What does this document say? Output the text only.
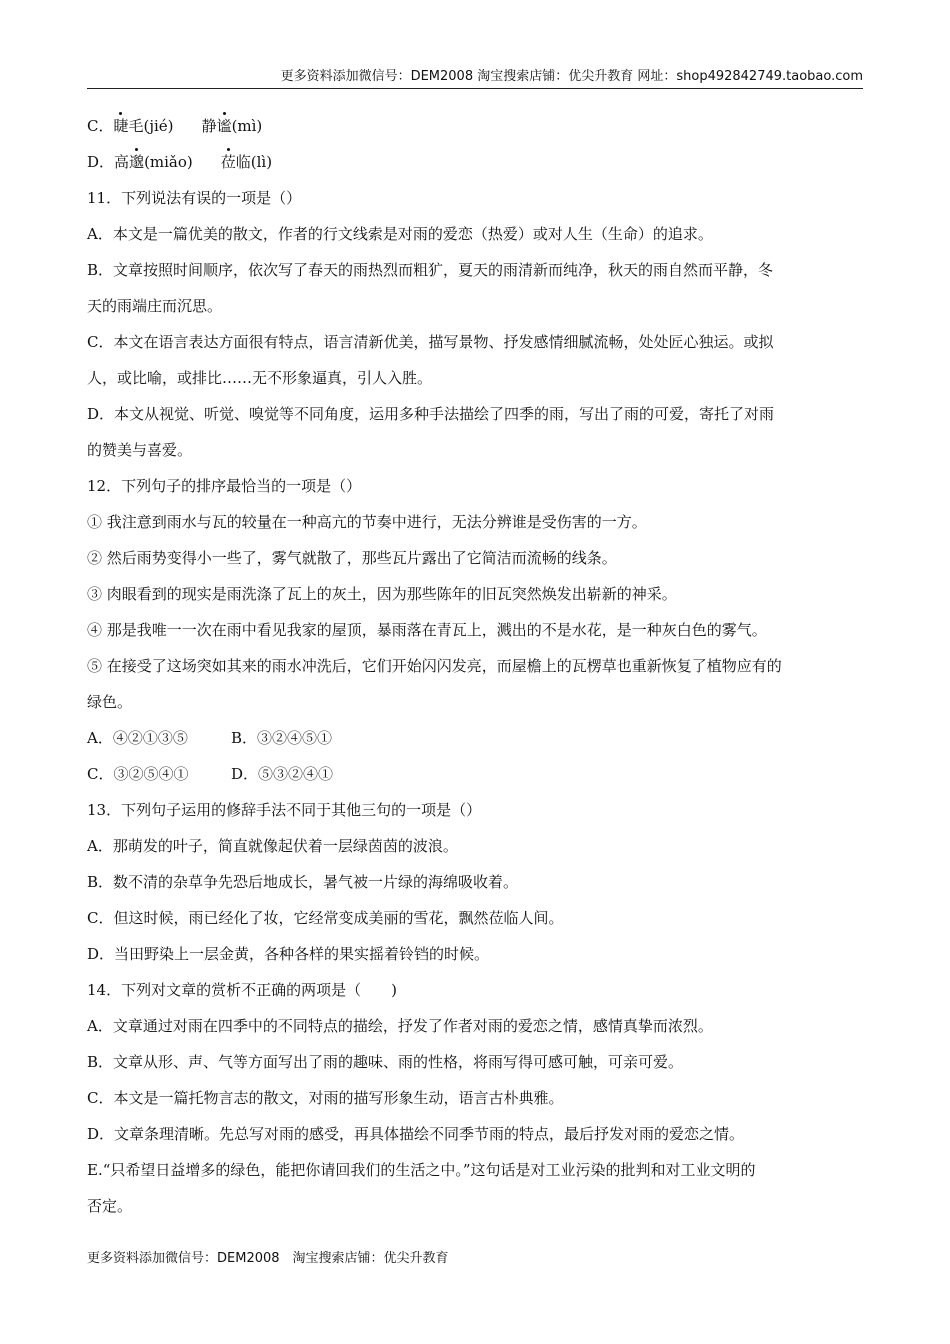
更多资料添加微信号：DEM2008 淘宝搜索店铺：优尖升教育 网址：shop492842749.taobao.com
C．睫毛(jié) 静谧(mì)
D．高邈(miǎo) 莅临(lì)
11．下列说法有误的一项是（）
A．本文是一篇优美的散文，作者的行文线索是对雨的爱恋（热爱）或对人生（生命）的追求。
B．文章按照时间顺序，依次写了春天的雨热烈而粗犷，夏天的雨清新而纯净，秋天的雨自然而平静，冬
天的雨端庄而沉思。
C．本文在语言表达方面很有特点，语言清新优美，描写景物、抒发感情细腻流畅，处处匠心独运。或拟
人，或比喻，或排比……无不形象逼真，引人入胜。
D．本文从视觉、听觉、嗅觉等不同角度，运用多种手法描绘了四季的雨，写出了雨的可爱，寄托了对雨
的赞美与喜爱。
12．下列句子的排序最恰当的一项是（）
① 我注意到雨水与瓦的较量在一种高亢的节奏中进行，无法分辨谁是受伤害的一方。
② 然后雨势变得小一些了，雾气就散了，那些瓦片露出了它简洁而流畅的线条。
③ 肉眼看到的现实是雨洗涤了瓦上的灰土，因为那些陈年的旧瓦突然焕发出崭新的神采。
④ 那是我唯一一次在雨中看见我家的屋顶，暴雨落在青瓦上，溅出的不是水花，是一种灰白色的雾气。
⑤ 在接受了这场突如其来的雨水冲洗后，它们开始闪闪发亮，而屋檐上的瓦楞草也重新恢复了植物应有的
绿色。
A．④②①③⑤	B．③②④⑤①
C．③②⑤④①	D．⑤③②④①
13．下列句子运用的修辞手法不同于其他三句的一项是（）
A．那萌发的叶子，简直就像起伏着一层绿茵茵的波浪。
B．数不清的杂草争先恐后地成长，暑气被一片绿的海绵吸收着。
C．但这时候，雨已经化了妆，它经常变成美丽的雪花，飘然莅临人间。
D．当田野染上一层金黄，各种各样的果实摇着铃铛的时候。
14．下列对文章的赏析不正确的两项是（　　)
A．文章通过对雨在四季中的不同特点的描绘，抒发了作者对雨的爱恋之情，感情真挚而浓烈。
B．文章从形、声、气等方面写出了雨的趣味、雨的性格，将雨写得可感可触，可亲可爱。
C．本文是一篇托物言志的散文，对雨的描写形象生动，语言古朴典雅。
D．文章条理清晰。先总写对雨的感受，再具体描绘不同季节雨的特点，最后抒发对雨的爱恋之情。
E.“只希望日益增多的绿色，能把你请回我们的生活之中。”这句话是对工业污染的批判和对工业文明的
否定。
更多资料添加微信号：DEM2008　淘宝搜索店铺：优尖升教育
